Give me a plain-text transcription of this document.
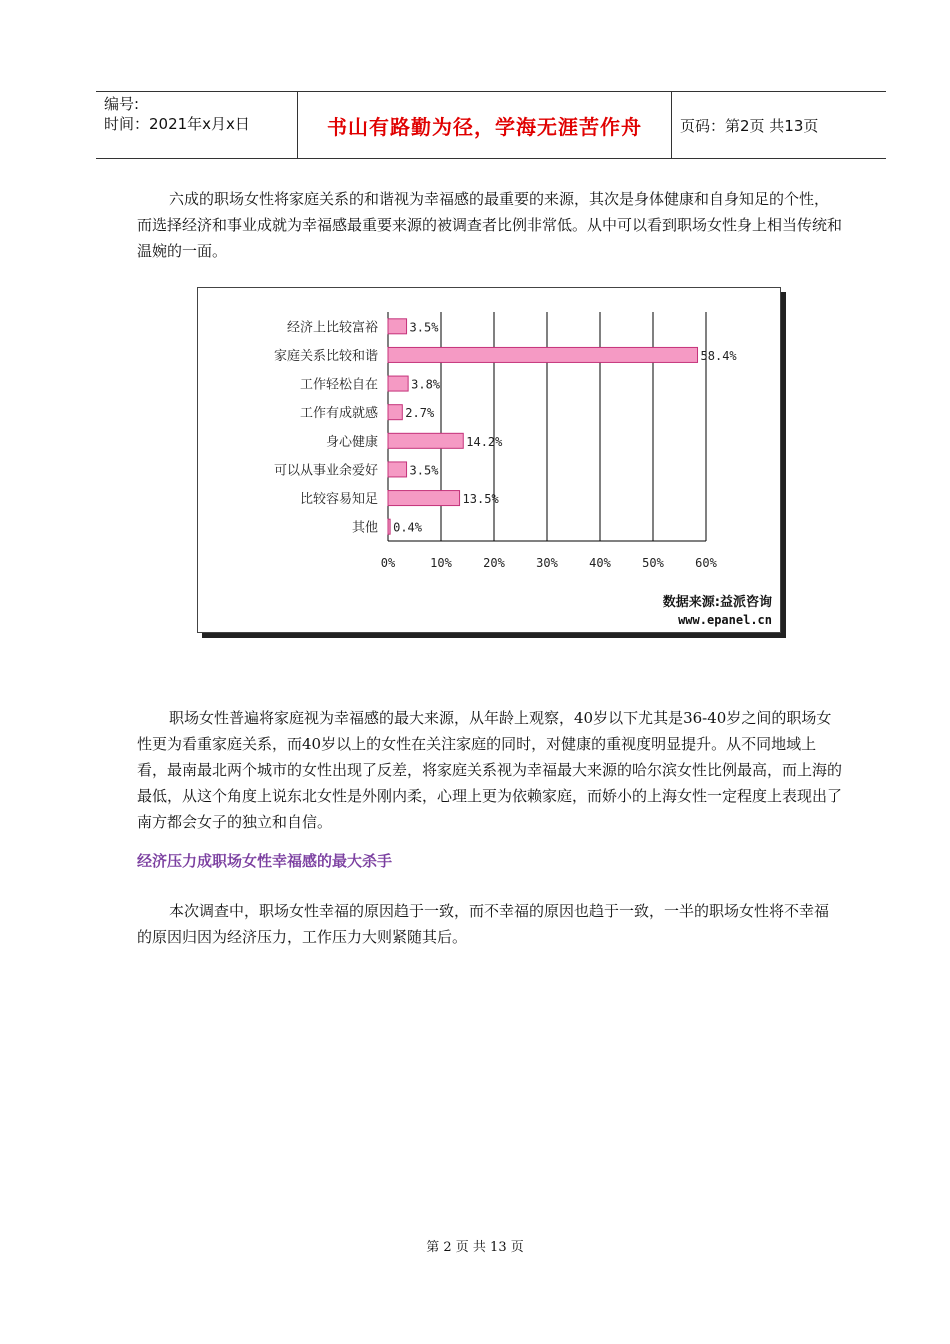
编号:
时间：2021年x月x日	书山有路勤为径，学海无涯苦作舟	页码：第2页 共13页

六成的职场女性将家庭关系的和谐视为幸福感的最重要的来源，其次是身体健康和自身知足的个性，而选择经济和事业成就为幸福感最重要来源的被调查者比例非常低。从中可以看到职场女性身上相当传统和温婉的一面。

0%	10%	20%	30%	40%	50%	60%
经济上比较富裕	3.5%
家庭关系比较和谐	58.4%
工作轻松自在	3.8%
工作有成就感 2.7%
身心健康	14.2%
可以从事业余爱好	3.5%
比较容易知足	13.5%
其他 0.4%
数据来源:益派咨询
www.epanel.cn

职场女性普遍将家庭视为幸福感的最大来源，从年龄上观察，40岁以下尤其是36-40岁之间的职场女性更为看重家庭关系，而40岁以上的女性在关注家庭的同时，对健康的重视度明显提升。从不同地域上看，最南最北两个城市的女性出现了反差，将家庭关系视为幸福最大来源的哈尔滨女性比例最高，而上海的最低，从这个角度上说东北女性是外刚内柔，心理上更为依赖家庭，而娇小的上海女性一定程度上表现出了南方都会女子的独立和自信。

经济压力成职场女性幸福感的最大杀手

本次调查中，职场女性幸福的原因趋于一致，而不幸福的原因也趋于一致，一半的职场女性将不幸福的原因归因为经济压力，工作压力大则紧随其后。

第 2 页 共 13 页
